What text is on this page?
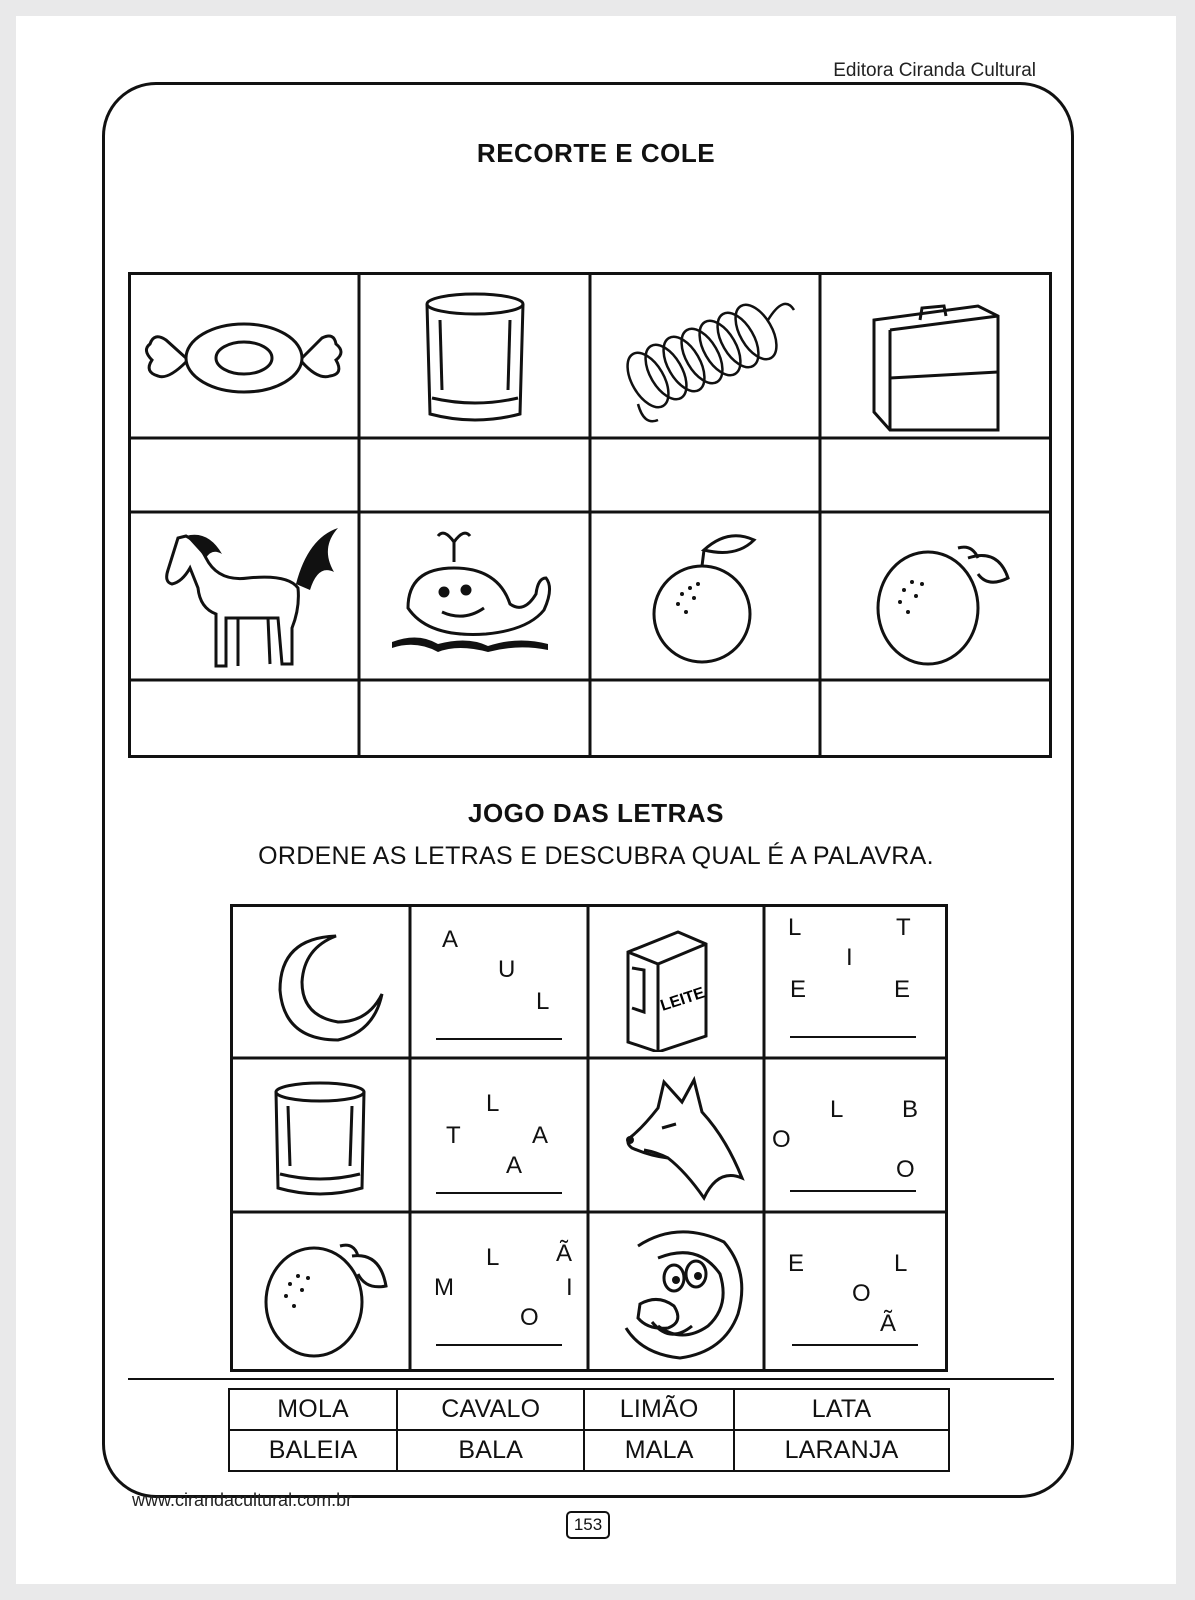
Editora Ciranda Cultural
RECORTE E COLE
JOGO DAS LETRAS
ORDENE AS LETRAS E DESCUBRA QUAL É A PALAVRA.
A
U
L	LEITE
L	T
I
E	E
L
T	A
A
L B
O
O
L Ã
M	I
O
E	L
O
Ã
MOLA	CAVALO	LIMÃO	LATA
BALEIA	BALA	MALA	LARANJA
www.cirandacultural.com.br
153
